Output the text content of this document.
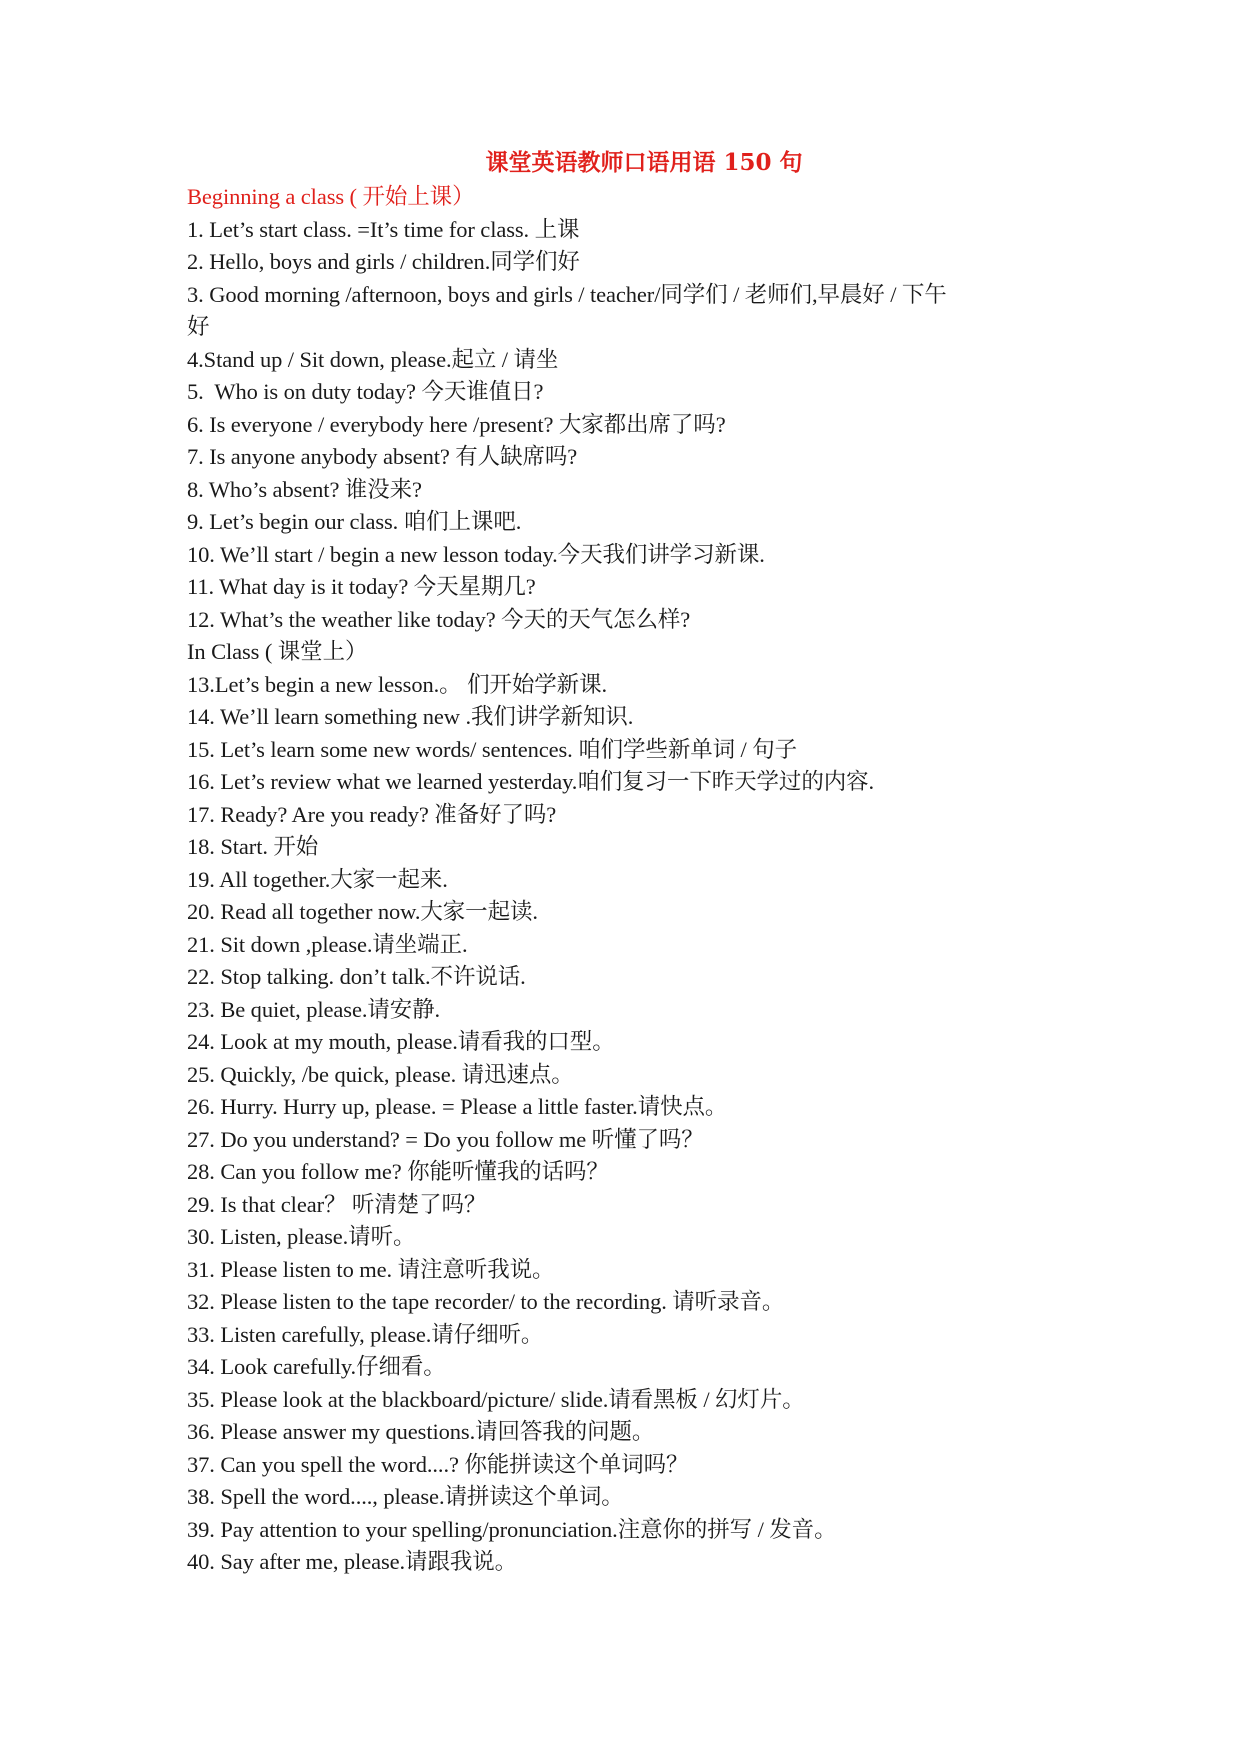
课堂英语教师口语用语 150 句

Beginning a class ( 开始上课）

1. Let’s start class. =It’s time for class. 上课

2. Hello, boys and girls / children.同学们好

3. Good morning /afternoon, boys and girls / teacher/同学们 / 老师们,早晨好 / 下午好

4.Stand up / Sit down, please.起立 / 请坐

5.  Who is on duty today? 今天谁值日?

6. Is everyone / everybody here /present? 大家都出席了吗?

7. Is anyone anybody absent? 有人缺席吗?

8. Who’s absent? 谁没来?

9. Let’s begin our class. 咱们上课吧.

10. We’ll start / begin a new lesson today.今天我们讲学习新课.

11. What day is it today? 今天星期几?

12. What’s the weather like today? 今天的天气怎么样?

In Class ( 课堂上）

13.Let’s begin a new lesson.。 们开始学新课.

14. We’ll learn something new .我们讲学新知识.

15. Let’s learn some new words/ sentences. 咱们学些新单词 / 句子

16. Let’s review what we learned yesterday.咱们复习一下昨天学过的内容.

17. Ready? Are you ready? 准备好了吗?

18. Start. 开始

19. All together.大家一起来.

20. Read all together now.大家一起读.

21. Sit down ,please.请坐端正.

22. Stop talking. don’t talk.不许说话.

23. Be quiet, please.请安静.

24. Look at my mouth, please.请看我的口型。

25. Quickly, /be quick, please. 请迅速点。

26. Hurry. Hurry up, please. = Please a little faster.请快点。

27. Do you understand? = Do you follow me 听懂了吗？

28. Can you follow me? 你能听懂我的话吗？

29. Is that clear？ 听清楚了吗？

30. Listen, please.请听。

31. Please listen to me. 请注意听我说。

32. Please listen to the tape recorder/ to the recording. 请听录音。

33. Listen carefully, please.请仔细听。

34. Look carefully.仔细看。

35. Please look at the blackboard/picture/ slide.请看黑板 / 幻灯片。

36. Please answer my questions.请回答我的问题。

37. Can you spell the word....? 你能拼读这个单词吗？

38. Spell the word...., please.请拼读这个单词。

39. Pay attention to your spelling/pronunciation.注意你的拼写 / 发音。

40. Say after me, please.请跟我说。
